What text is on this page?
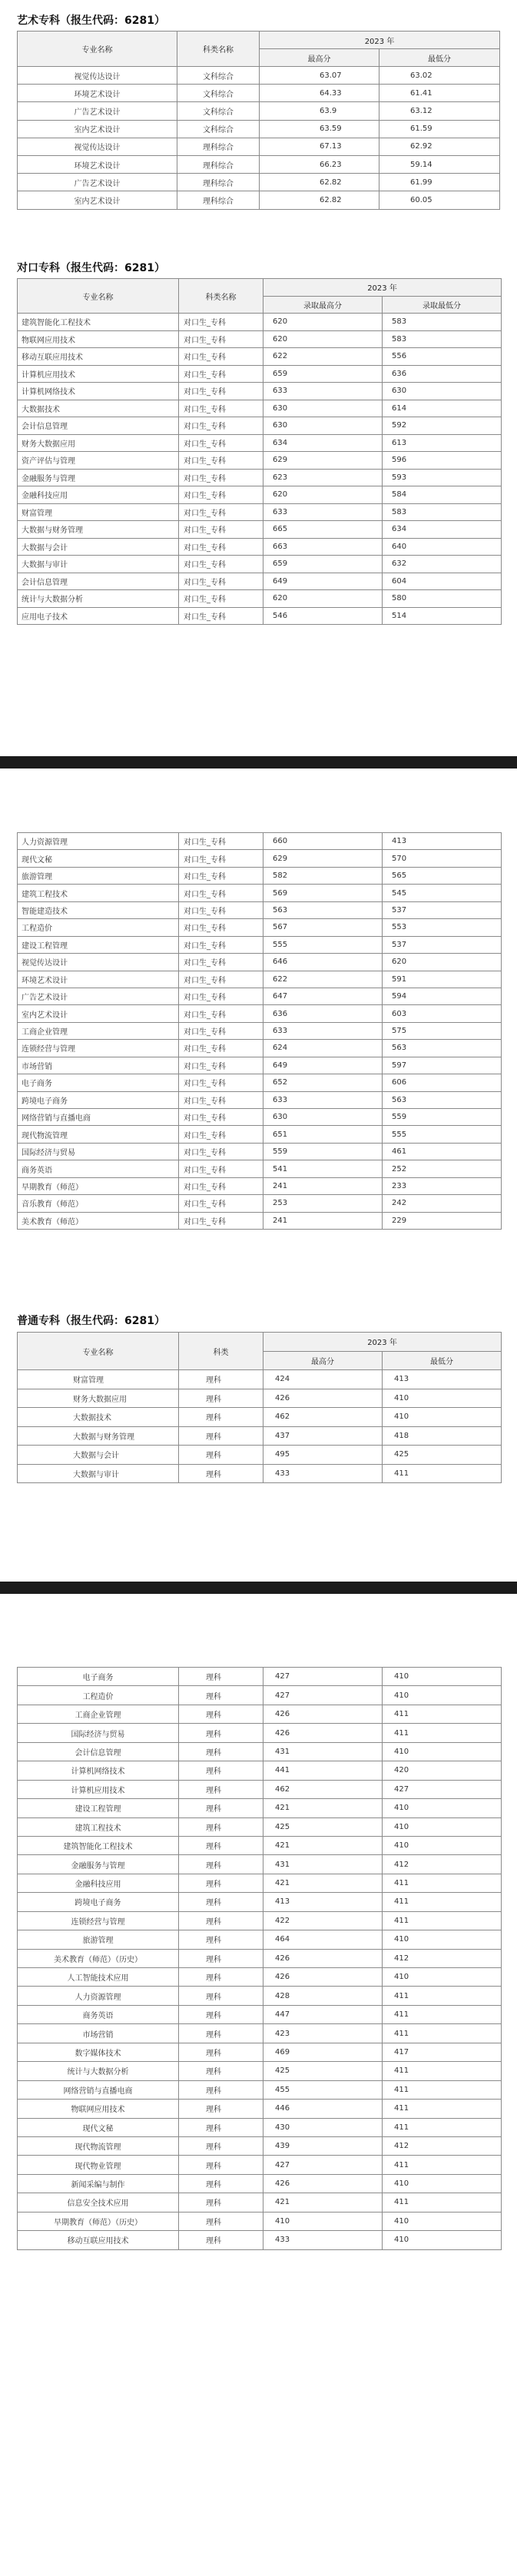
艺术专科（报生代码：6281）
专业名称	科类名称	2023 年	
		最高分	最低分
视觉传达设计	文科综合	63.07	63.02
环境艺术设计	文科综合	64.33	61.41
广告艺术设计	文科综合	63.9	63.12
室内艺术设计	文科综合	63.59	61.59
视觉传达设计	理科综合	67.13	62.92
环境艺术设计	理科综合	66.23	59.14
广告艺术设计	理科综合	62.82	61.99
室内艺术设计	理科综合	62.82	60.05
对口专科（报生代码：6281）
专业名称	科类名称	2023 年	
		录取最高分	录取最低分
建筑智能化工程技术	对口生_专科	620	583
物联网应用技术	对口生_专科	620	583
移动互联应用技术	对口生_专科	622	556
计算机应用技术	对口生_专科	659	636
计算机网络技术	对口生_专科	633	630
大数据技术	对口生_专科	630	614
会计信息管理	对口生_专科	630	592
财务大数据应用	对口生_专科	634	613
资产评估与管理	对口生_专科	629	596
金融服务与管理	对口生_专科	623	593
金融科技应用	对口生_专科	620	584
财富管理	对口生_专科	633	583
大数据与财务管理	对口生_专科	665	634
大数据与会计	对口生_专科	663	640
大数据与审计	对口生_专科	659	632
会计信息管理	对口生_专科	649	604
统计与大数据分析	对口生_专科	620	580
应用电子技术	对口生_专科	546	514
人力资源管理	对口生_专科	660	413
现代文秘	对口生_专科	629	570
旅游管理	对口生_专科	582	565
建筑工程技术	对口生_专科	569	545
智能建造技术	对口生_专科	563	537
工程造价	对口生_专科	567	553
建设工程管理	对口生_专科	555	537
视觉传达设计	对口生_专科	646	620
环境艺术设计	对口生_专科	622	591
广告艺术设计	对口生_专科	647	594
室内艺术设计	对口生_专科	636	603
工商企业管理	对口生_专科	633	575
连锁经营与管理	对口生_专科	624	563
市场营销	对口生_专科	649	597
电子商务	对口生_专科	652	606
跨境电子商务	对口生_专科	633	563
网络营销与直播电商	对口生_专科	630	559
现代物流管理	对口生_专科	651	555
国际经济与贸易	对口生_专科	559	461
商务英语	对口生_专科	541	252
早期教育（师范）	对口生_专科	241	233
音乐教育（师范）	对口生_专科	253	242
美术教育（师范）	对口生_专科	241	229
普通专科（报生代码：6281）
专业名称	科类	2023 年	
		最高分	最低分
财富管理	理科	424	413
财务大数据应用	理科	426	410
大数据技术	理科	462	410
大数据与财务管理	理科	437	418
大数据与会计	理科	495	425
大数据与审计	理科	433	411
电子商务	理科	427	410
工程造价	理科	427	410
工商企业管理	理科	426	411
国际经济与贸易	理科	426	411
会计信息管理	理科	431	410
计算机网络技术	理科	441	420
计算机应用技术	理科	462	427
建设工程管理	理科	421	410
建筑工程技术	理科	425	410
建筑智能化工程技术	理科	421	410
金融服务与管理	理科	431	412
金融科技应用	理科	421	411
跨境电子商务	理科	413	411
连锁经营与管理	理科	422	411
旅游管理	理科	464	410
美术教育（师范）（历史）	理科	426	412
人工智能技术应用	理科	426	410
人力资源管理	理科	428	411
商务英语	理科	447	411
市场营销	理科	423	411
数字媒体技术	理科	469	417
统计与大数据分析	理科	425	411
网络营销与直播电商	理科	455	411
物联网应用技术	理科	446	411
现代文秘	理科	430	411
现代物流管理	理科	439	412
现代物业管理	理科	427	411
新闻采编与制作	理科	426	410
信息安全技术应用	理科	421	411
早期教育（师范）（历史）	理科	410	410
移动互联应用技术	理科	433	410
